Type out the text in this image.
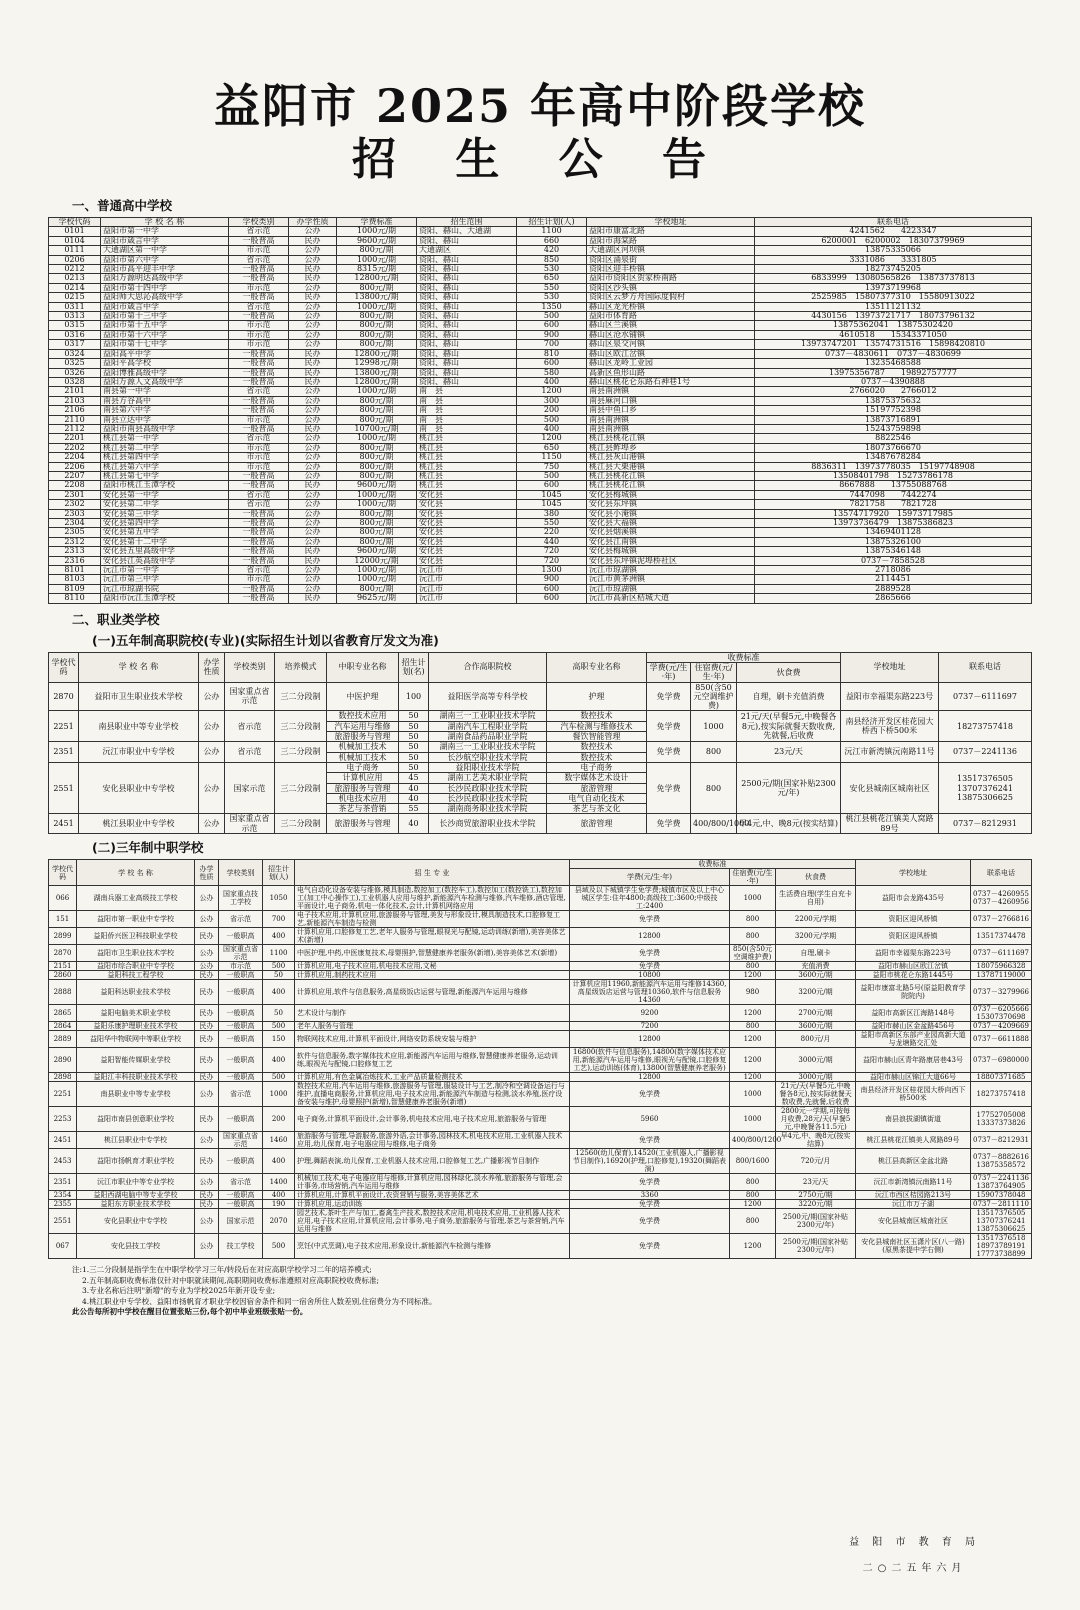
益阳市 2025 年高中阶段学校
招 生 公 告
一、普通高中学校
学校代码	学 校 名 称	学校类别	办学性质	学费标准	招生范围	招生计划(人)	学校地址	联系电话
0101	益阳市第一中学	省示范	公办	1000元/期	资阳、赫山、大通湖	1100	益阳市康富北路	4241562　　4223347
0104	益阳市箴言中学	一般普高	民办	9600元/期	资阳、赫山	660	益阳市海棠路	6200001　6200002　18307379969
0111	大通湖区第一中学	市示范	公办	800元/期	大通湖区	420	大通湖区河坝镇	13875335066
0206	益阳市第六中学	省示范	公办	1000元/期	资阳、赫山	850	资阳区涌泉街	3331086　　3331805
0212	益阳市高平迎丰中学	一般普高	民办	8315元/期	资阳、赫山	530	资阳区迎丰桥镇	18273745205
0213	益阳万源明达高级中学	一般普高	民办	12800元/期	资阳、赫山	650	益阳市资阳区贺家桥南路	6833999　13080565826　13873737813
0214	益阳市第十四中学	市示范	公办	800元/期	资阳、赫山	550	资阳区沙头镇	13973719968
0215	益阳师大思沁高级中学	一般普高	民办	13800元/期	资阳、赫山	530	资阳区云梦方舟国际度假村	2525985　15807377310　15580913022
0311	益阳市箴言中学	省示范	公办	1000元/期	资阳、赫山	1350	赫山区龙光桥镇	13511121132
0313	益阳市第十三中学	一般普高	公办	800元/期	资阳、赫山	500	益阳市体育路	4430156　13973721717　18073796132
0315	益阳市第十五中学	市示范	公办	800元/期	资阳、赫山	600	赫山区兰溪镇	13875362041　13875302420
0316	益阳市第十六中学	市示范	公办	800元/期	资阳、赫山	900	赫山区沧水铺镇	4610518　　15343371050
0317	益阳市第十七中学	市示范	公办	800元/期	资阳、赫山	700	赫山区泉交河镇	13973747201　13574731516　15898420810
0324	益阳高平中学	一般普高	民办	12800元/期	资阳、赫山	810	赫山区欧江岔镇	0737－4830611　0737－4830699
0325	益阳平高学校	一般普高	民办	12998元/期	资阳、赫山	600	赫山区龙岭工业园	13235468588
0326	益阳博雅高级中学	一般普高	民办	13800元/期	资阳、赫山	580	高新区鱼形山路	13975356787　　19892757777
0328	益阳万源人文高级中学	一般普高	民办	12800元/期	资阳、赫山	400	赫山区桃花仑东路石神巷1号	0737－4390888
2101	南县第一中学	省示范	公办	1000元/期	南　县	1200	南县南洲镇	2766020　　2766012
2103	南县方谷高中	一般普高	公办	800元/期	南　县	300	南县麻河口镇	13875375632
2106	南县第六中学	一般普高	公办	800元/期	南　县	200	南县中鱼口乡	15197752398
2110	南县立达中学	市示范	公办	800元/期	南　县	500	南县南洲镇	13873716891
2112	益阳市南县高级中学	一般普高	民办	10700元/期	南　县	400	南县南洲镇	15243759898
2201	桃江县第一中学	省示范	公办	1000元/期	桃江县	1200	桃江县桃花江镇	8822546
2202	桃江县第二中学	市示范	公办	800元/期	桃江县	650	桃江县鲊埠乡	18073766670
2204	桃江县第四中学	市示范	公办	800元/期	桃江县	1150	桃江县灰山港镇	13487678284
2206	桃江县第六中学	市示范	公办	800元/期	桃江县	750	桃江县大栗港镇	8836311　13973778035　15197748908
2207	桃江县第七中学	一般普高	公办	800元/期	桃江县	500	桃江县桃花江镇	13508401798　15273786178
2208	益阳市桃江玉潭学校	一般普高	民办	9600元/期	桃江县	600	桃江县桃花江镇	8667888　　13755088768
2301	安化县第一中学	省示范	公办	1000元/期	安化县	1045	安化县梅城镇	7447098　　7442274
2302	安化县第二中学	省示范	公办	1000元/期	安化县	1045	安化县东坪镇	7821758　　7821728
2303	安化县第三中学	一般普高	公办	800元/期	安化县	380	安化县小淹镇	13574717920　15973717985
2304	安化县第四中学	一般普高	公办	800元/期	安化县	550	安化县大福镇	13973736479　13875386823
2305	安化县第五中学	一般普高	公办	800元/期	安化县	220	安化县烟溪镇	13469401128
2312	安化县第十二中学	一般普高	公办	800元/期	安化县	440	安化县江南镇	13875326100
2313	安化县五里高级中学	一般普高	民办	9600元/期	安化县	720	安化县梅城镇	13875346148
2316	安化县江英高级中学	一般普高	民办	12000元/期	安化县	720	安化县东坪镇泥埠桥社区	0737－7858528
8101	沅江市第一中学	省示范	公办	1000元/期	沅江市	1300	沅江市琼湖镇	2718086
8103	沅江市第三中学	市示范	公办	1000元/期	沅江市	900	沅江市黄茅洲镇	2114451
8109	沅江市琼湖书院	一般普高	公办	800元/期	沅江市	600	沅江市琼湖镇	2889528
8110	益阳市沅江玉潭学校	一般普高	民办	9625元/期	沅江市	600	沅江市高新区桔城大道	2865666
二、职业类学校
(一)五年制高职院校(专业)(实际招生计划以省教育厅发文为准)
学校代码	学 校 名 称	办学性质	学校类别	培养模式	中职专业名称	招生计划(名)	合作高职院校	高职专业名称	收费标准			学校地址	联系电话
									学费(元/生·年)	住宿费(元/生·年)	伙食费		
2870	益阳市卫生职业技术学校	公办	国家重点省示范	三二分段制	中医护理	100	益阳医学高等专科学校	护理	免学费	850(含50元空调维护费)	自理，刷卡充值消费	益阳市幸福渠东路223号	0737－6111697
2251	南县职业中等专业学校	公办	省示范	三二分段制	数控技术应用	50	湖南三一工业职业技术学院	数控技术	免学费	1000	21元/天(早餐5元,中晚餐各8元),按实际就餐天数收费,先就餐,后收费	南县经济开发区桂花园大桥西下桥500米	18273757418
					汽车运用与维修	50	湖南汽车工程职业学院	汽车检测与维修技术					
					旅游服务与管理	50	湖南食品药品职业学院	餐饮智能管理					
2351	沅江市职业中专学校	公办	省示范	三二分段制	机械加工技术	50	湖南三一工业职业技术学院	数控技术	免学费	800	23元/天	沅江市新湾镇沅南路11号	0737－2241136
					机械加工技术	50	长沙航空职业技术学院	数控技术					
2551	安化县职业中专学校	公办	国家示范	三二分段制	电子商务	50	益阳职业技术学院	电子商务	免学费	800	2500元/期(国家补贴2300元/年)	安化县城南区城南社区	13517376505　13707376241　13875306625
					计算机应用	45	湖南工艺美术职业学院	数字媒体艺术设计					
					旅游服务与管理	40	长沙民政职业技术学院	旅游管理					
					机电技术应用	40	长沙民政职业技术学院	电气自动化技术					
					茶艺与茶营销	55	湖南商务职业技术学院	茶艺与茶文化					
2451	桃江县职业中专学校	公办	国家重点省示范	三二分段制	旅游服务与管理	40	长沙商贸旅游职业技术学院	旅游管理	免学费	400/800/1000	早4元,中、晚8元(按实结算)	桃江县桃花江镇美人窝路89号	0737－8212931
(二)三年制中职学校
学校代码	学 校 名 称	办学性质	学校类别	招生计划(人)	招 生 专 业	收费标准			学校地址	联系电话
						学费(元/生·年)	住宿费(元/生·年)	伙食费		
066	湖南兵器工业高级技工学校	公办	国家重点技工学校	1050	电气自动化设备安装与维修,模具制造,数控加工(数控车工),数控加工(数控铣工),数控加工(加工中心操作工),工业机器人应用与维护,新能源汽车检测与维修,汽车维修,酒店管理,平面设计,电子商务,机电一体化技术,会计,计算机网络应用	县域及以下城镇学生免学费;城镇市区及以上中心城区学生:住年4800;高级技工:3600;中级技工:2400	1000	生活费自理(学生自充卡自用)	益阳市会龙路435号	0737－4260955　0737－4260956
151	益阳市第一职业中专学校	公办	省示范	700	电子技术应用,计算机应用,旅游服务与管理,美发与形象设计,模具制造技术,口腔修复工艺,新能源汽车制造与检测	免学费	800	2200元/学期	资阳区迎风桥镇	0737－2766816
2899	益阳侨兴医卫科技职业学校	民办	一般职高	400	计算机应用,口腔修复工艺,老年人服务与管理,眼视光与配镜,运动训练(新增),美容美体艺术(新增)	12800	800	3200元/学期	资阳区迎风桥镇	13517374478
2870	益阳市卫生职业技术学校	公办	国家重点省示范	1100	中医护理,中药,中医康复技术,母婴照护,智慧健康养老服务(新增),美容美体艺术(新增)	免学费	850(含50元空调维护费)	自理,刷卡	益阳市幸福渠东路223号	0737－6111697
2151	益阳市综合职业中专学校	公办	市示范	500	计算机应用,电子技术应用,机电技术应用,文秘	免学费	800	充值消费	益阳市赫山区欧江岔镇	18075966328
2860	益阳科技工程学校	民办	一般职高	50	计算机应用,制药技术应用	10800	1200	3600元/期	益阳市桃花仑东路1445号	13787119000
2888	益阳科达职业技术学校	民办	一般职高	400	计算机应用,软件与信息服务,高星级饭店运营与管理,新能源汽车运用与维修	计算机应用11960,新能源汽车运用与维修14360,高星级饭店运营与管理10360,软件与信息服务14360	980	3200元/期	益阳市康富北路5号(原益阳教育学院院内)	0737－3279966
2865	益阳电脑美术职业学校	民办	一般职高	50	艺术设计与制作	9200	1200	2700元/期	益阳市高新区江海路148号	0737－6205666　15307370698
2864	益阳乐康护理职业技术学校	民办	一般职高	500	老年人服务与管理	7200	800	3600元/期	益阳市赫山区金盆路456号	0737－4209669
2889	益阳华中物联网中等职业学校	民办	一般职高	150	物联网技术应用,计算机平面设计,网络安防系统安装与维护	12800	1200	800元/月	益阳市高新区东部产业园高新大道与龙塘路交汇处	0737－6611888
2890	益阳智能传媒职业学校	民办	一般职高	400	软件与信息服务,数字媒体技术应用,新能源汽车运用与维修,智慧健康养老服务,运动训练,眼视光与配镜,口腔修复工艺	16800(软件与信息服务),14800(数字媒体技术应用,新能源汽车运用与维修,眼视光与配镜,口腔修复工艺),运动训练(体育),13800(智慧健康养老服务)	1200	3000元/期	益阳市赫山区青年路康居巷43号	0737－6980000
2898	益阳江丰科技职业技术学校	民办	一般职高	500	计算机应用,有色金属冶炼技术,工业产品质量检测技术	12800	1200	3000元/期	益阳市赫山区锦江大道66号	18807371685
2251	南县职业中等专业学校	公办	省示范	1000	数控技术应用,汽车运用与维修,旅游服务与管理,服装设计与工艺,制冷和空调设备运行与维护,直播电商服务,计算机应用,电子技术应用,新能源汽车制造与检测,淡水养殖,医疗设备安装与维护,母婴照护(新增),智慧健康养老服务(新增)	免学费	1000	21元/天(早餐5元,中晚餐各8元),按实际就餐天数收费,先就餐,后收费	南县经济开发区桂花园大桥向西下桥500米	18273757418
2253	益阳市南县创意职业学校	民办	一般职高	200	电子商务,计算机平面设计,会计事务,机电技术应用,电子技术应用,旅游服务与管理	5960	1000	2800元一学期,可按每月收费,28元/天(早餐5元,中晚餐各11.5元)	南县浪拔湖镇街道	17752705008　13337373826
2451	桃江县职业中专学校	公办	国家重点省示范	1460	旅游服务与管理,导游服务,旅游外语,会计事务,园林技术,机电技术应用,工业机器人技术应用,幼儿保育,电子电器应用与维修,电子商务	免学费	400/800/1200	早4元,中、晚8元(按实结算)	桃江县桃花江镇美人窝路89号	0737－8212931
2453	益阳市扬帆育才职业学校	民办	一般职高	400	护理,舞蹈表演,幼儿保育,工业机器人技术应用,口腔修复工艺,广播影视节目制作	12560(幼儿保育),14520(工业机器人,广播影视节目制作),16920(护理,口腔修复),19320(舞蹈表演)	800/1600	720元/月	桃江县高新区金盆北路	0737－8882616　13875358572
2351	沅江市职业中等专业学校	公办	省示范	1400	机械加工技术,电子电器应用与维修,计算机应用,园林绿化,淡水养殖,旅游服务与管理,会计事务,市场营销,汽车运用与维修	免学费	800	23元/天	沅江市新湾镇沅南路11号	0737－2241136　13873764905
2354	益阳西湖电脑中等专业学校	民办	一般职高	400	计算机应用,计算机平面设计,农资营销与服务,美容美体艺术	3360	800	2750元/期	沅江市西区桔园路213号	15907378048
2355	益阳东方职业技术学校	民办	一般职高	190	计算机应用,运动训练	免学费	1200	3220元/期	沅江市万子湖	0737－2811110
2551	安化县职业中专学校	公办	国家示范	2070	园艺技术,茶叶生产与加工,畜禽生产技术,数控技术应用,机电技术应用,工业机器人技术应用,电子技术应用,计算机应用,会计事务,电子商务,旅游服务与管理,茶艺与茶营销,汽车运用与维修	免学费	800	2500元/期(国家补贴2300元/年)	安化县城南区城南社区	13517376505　13707376241　13875306625
067	安化县技工学校	公办	技工学校	500	烹饪(中式烹调),电子技术应用,形象设计,新能源汽车检测与维修	免学费	1200	2500元/期(国家补贴2300元/年)	安化县城南社区玉潇片区(八一路)(原黑茶提中学右侧)	13517376518　18973789191　17773738899
注:1.三二分段制是指学生在中职学校学习三年/转段后在对应高职学校学习二年的培养模式;
2.五年制高职收费标准仅针对中职就读期间,高职期间收费标准遵照对应高职院校收费标准;
3.专业名称后注明"新增"的专业为学校2025年新开设专业;
4.桃江职业中专学校、益阳市扬帆育才职业学校因宿舍条件和同一宿舍所住人数差别,住宿费分为不同标准。
此公告每所初中学校在醒目位置张贴三份,每个初中毕业班级张贴一份。
益 阳 市 教 育 局
二○二五年六月
